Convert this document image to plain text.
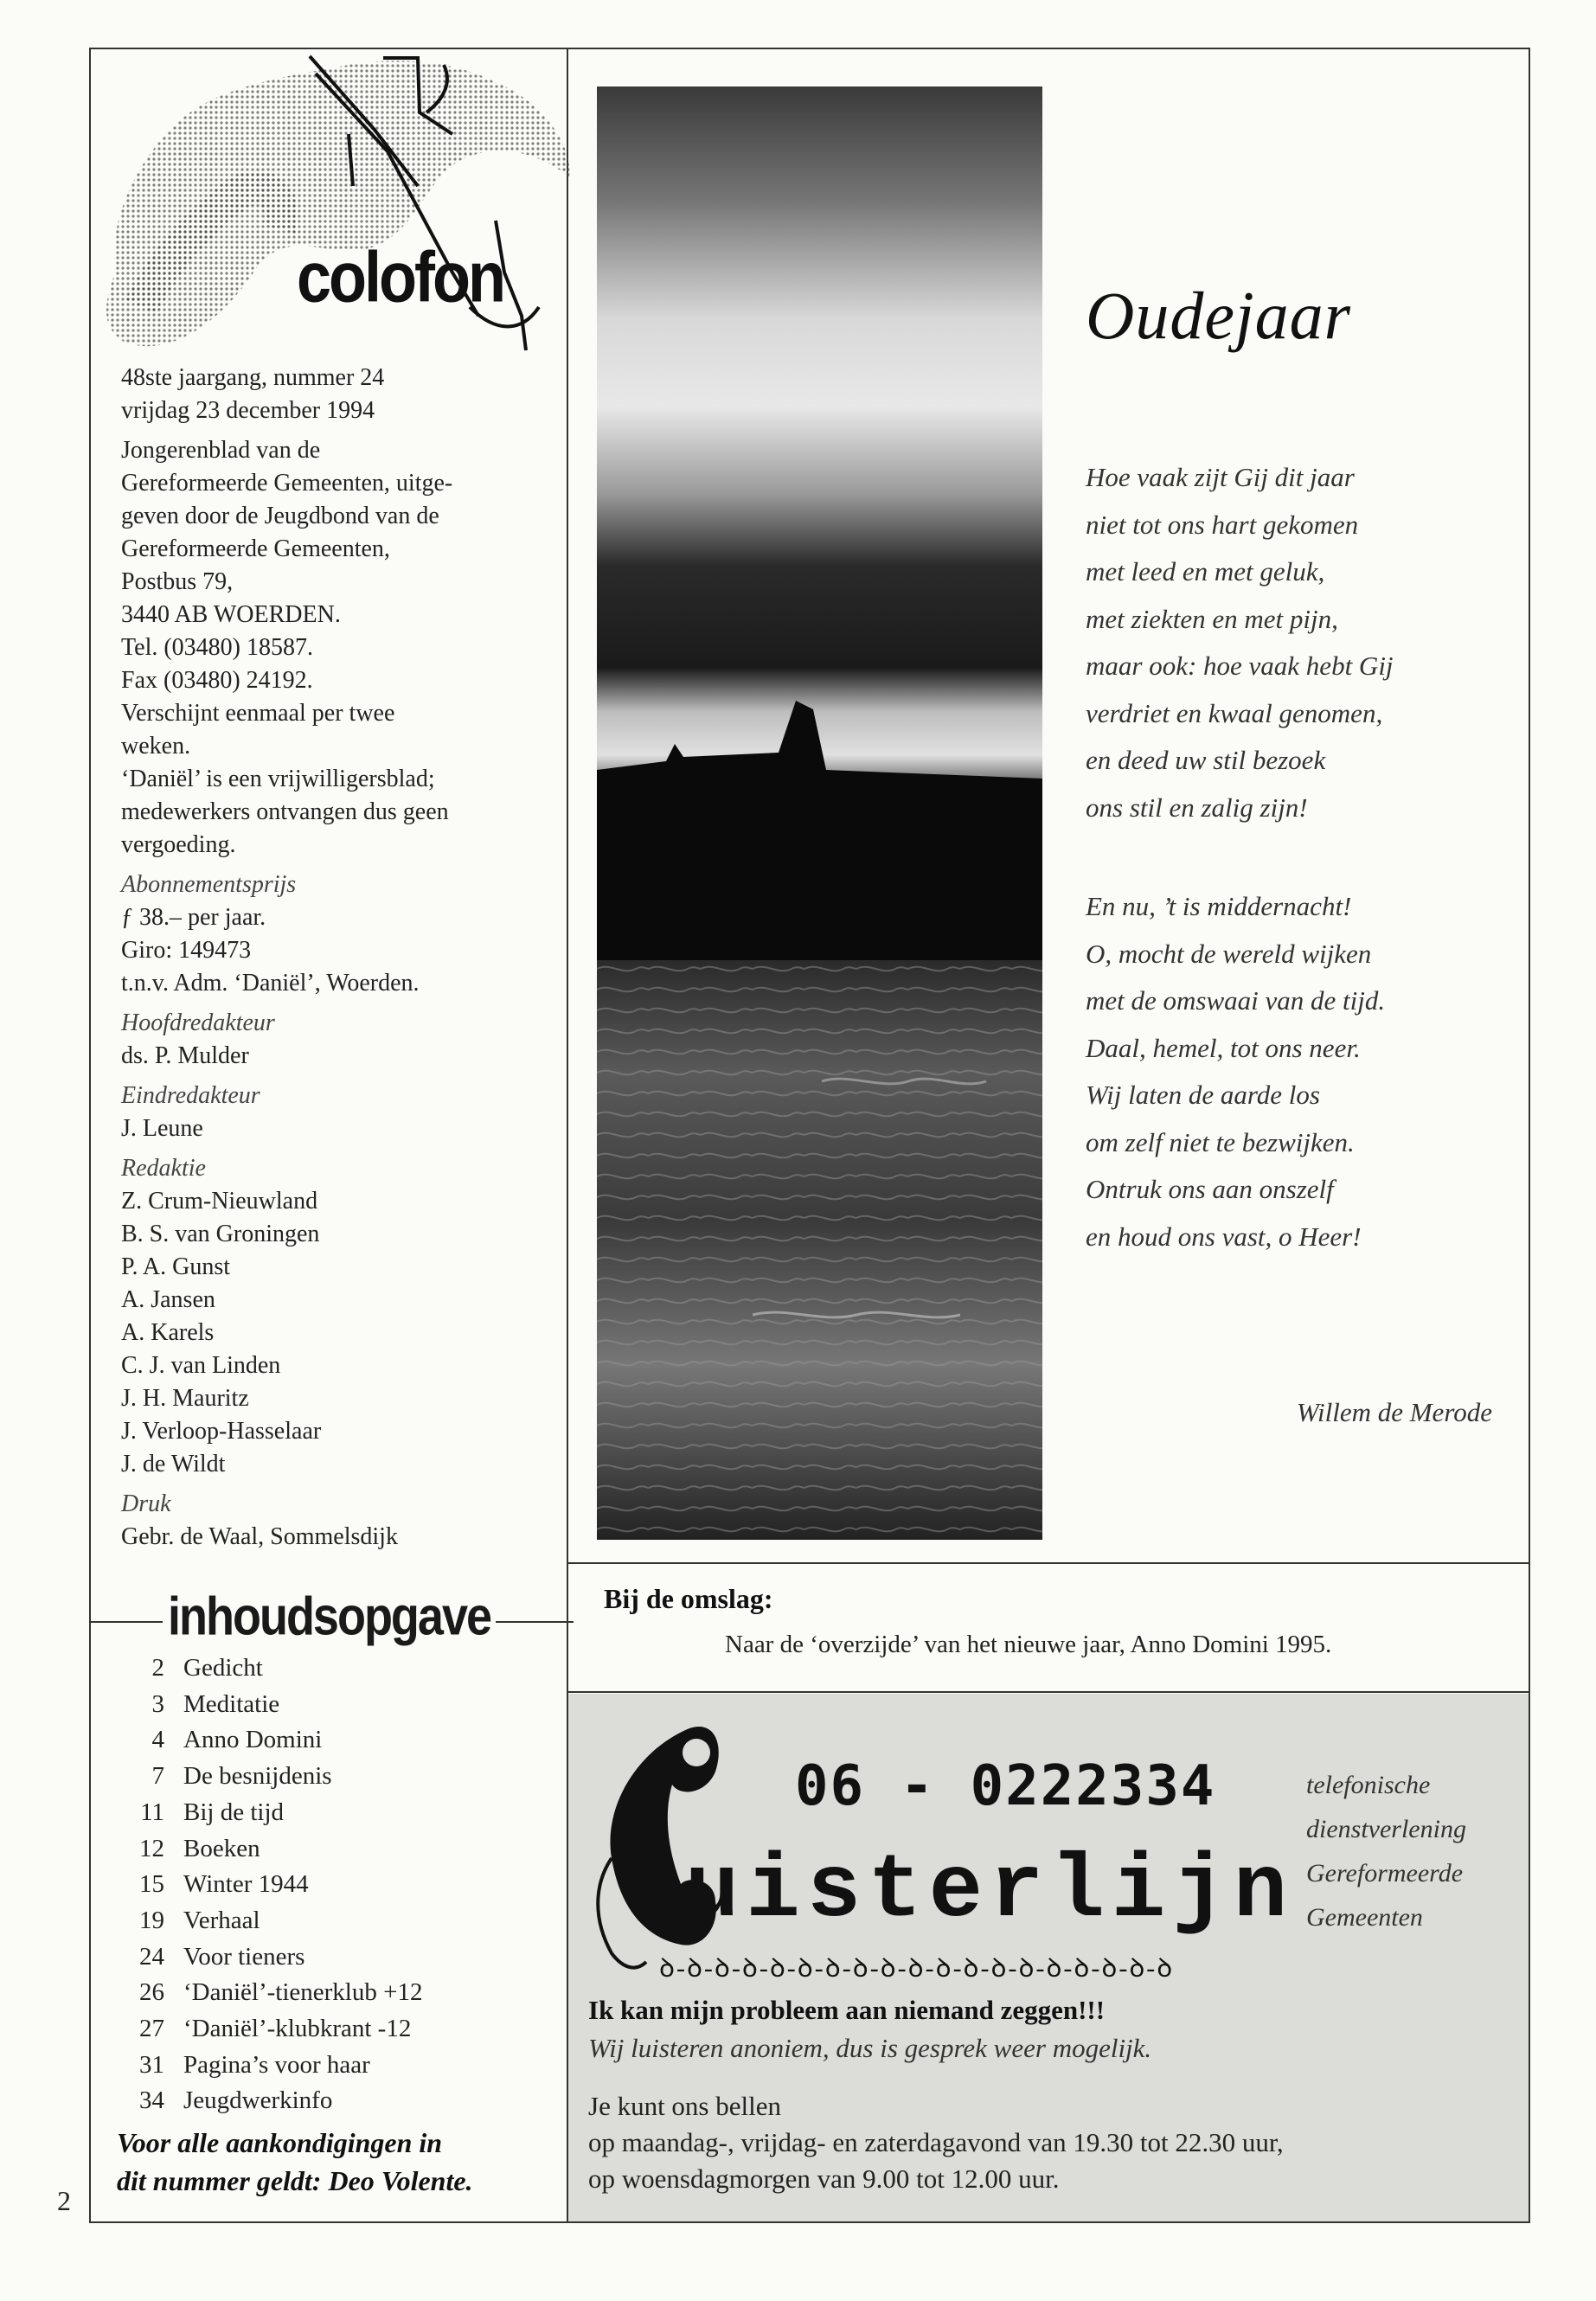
colofon
48ste jaargang, nummer 24
vrijdag 23 december 1994
Jongerenblad van de
Gereformeerde Gemeenten, uitge-
geven door de Jeugdbond van de
Gereformeerde Gemeenten,
Postbus 79,
3440 AB WOERDEN.
Tel. (03480) 18587.
Fax (03480) 24192.
Verschijnt eenmaal per twee
weken.
‘Daniël’ is een vrijwilligersblad;
medewerkers ontvangen dus geen
vergoeding.
Abonnementsprijs
ƒ 38.– per jaar.
Giro: 149473
t.n.v. Adm. ‘Daniël’, Woerden.
Hoofdredakteur
ds. P. Mulder
Eindredakteur
J. Leune
Redaktie
Z. Crum-Nieuwland
B. S. van Groningen
P. A. Gunst
A. Jansen
A. Karels
C. J. van Linden
J. H. Mauritz
J. Verloop-Hasselaar
J. de Wildt
Druk
Gebr. de Waal, Sommelsdijk
inhoudsopgave
2 Gedicht
3 Meditatie
4 Anno Domini
7 De besnijdenis
11 Bij de tijd
12 Boeken
15 Winter 1944
19 Verhaal
24 Voor tieners
26 ‘Daniël’-tienerklub +12
27 ‘Daniël’-klubkrant -12
31 Pagina’s voor haar
34 Jeugdwerkinfo
Voor alle aankondigingen in
dit nummer geldt: Deo Volente.
2
Oudejaar
Hoe vaak zijt Gij dit jaar
niet tot ons hart gekomen
met leed en met geluk,
met ziekten en met pijn,
maar ook: hoe vaak hebt Gij
verdriet en kwaal genomen,
en deed uw stil bezoek
ons stil en zalig zijn!
En nu, ’t is middernacht!
O, mocht de wereld wijken
met de omswaai van de tijd.
Daal, hemel, tot ons neer.
Wij laten de aarde los
om zelf niet te bezwijken.
Ontruk ons aan onszelf
en houd ons vast, o Heer!
Willem de Merode
Bij de omslag:
Naar de ‘overzijde’ van het nieuwe jaar, Anno Domini 1995.
06 - 0222334
uisterlijn
ꝺ-ꝺ-ꝺ-ꝺ-ꝺ-ꝺ-ꝺ-ꝺ-ꝺ-ꝺ-ꝺ-ꝺ-ꝺ-ꝺ-ꝺ-ꝺ-ꝺ-ꝺ-ꝺ
telefonische
dienstverlening
Gereformeerde
Gemeenten
Ik kan mijn probleem aan niemand zeggen!!!
Wij luisteren anoniem, dus is gesprek weer mogelijk.
Je kunt ons bellen
op maandag-, vrijdag- en zaterdagavond van 19.30 tot 22.30 uur,
op woensdagmorgen van 9.00 tot 12.00 uur.
